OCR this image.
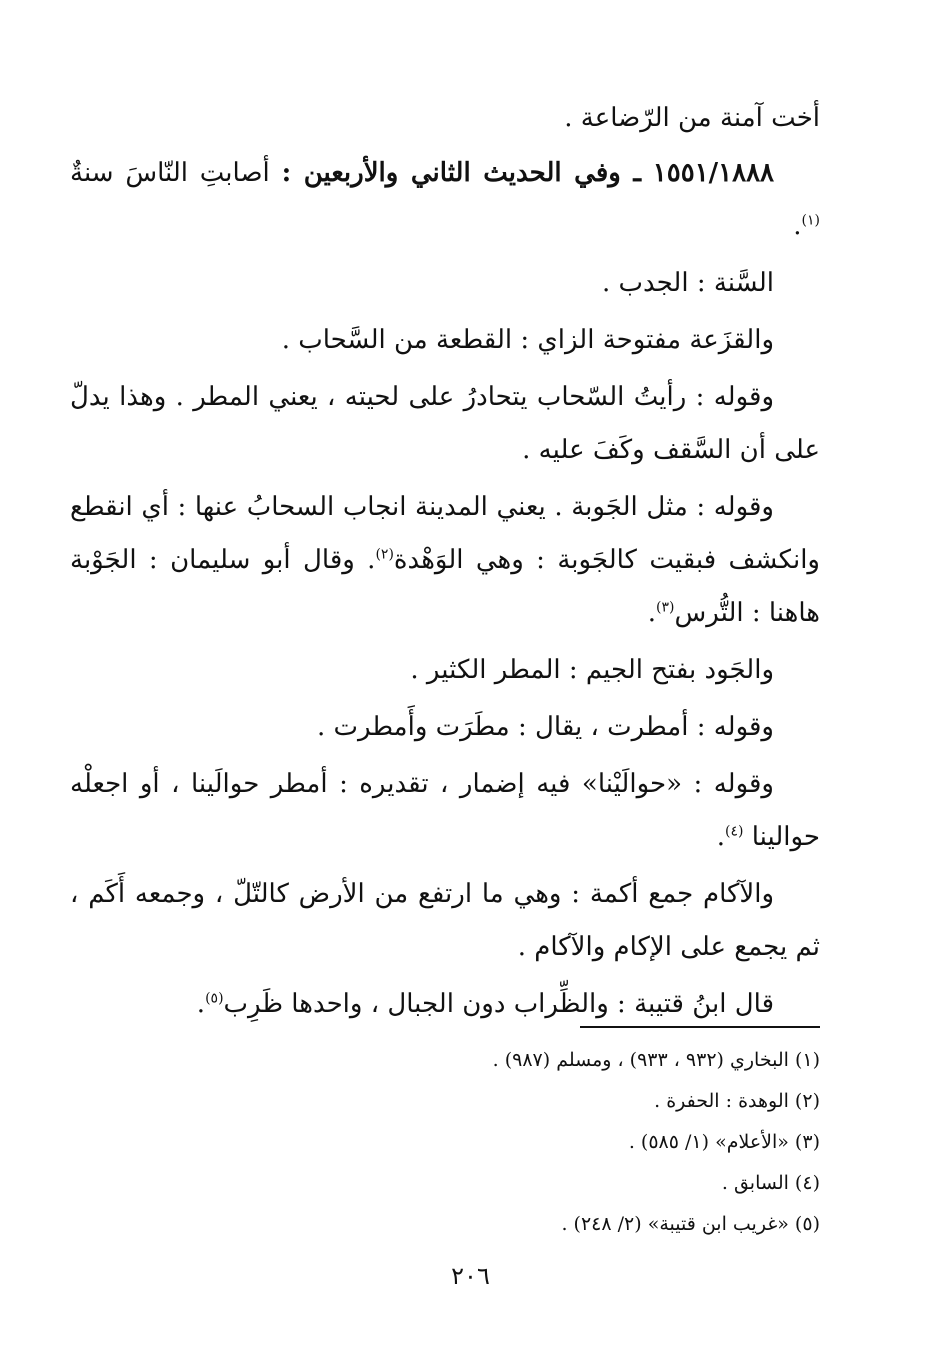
أخت آمنة من الرّضاعة .

١٥٥١/١٨٨٨ ـ وفي الحديث الثاني والأربعين : أصابتِ النّاسَ سنةٌ $^{(١)}$.

السَّنة : الجدب .

والقزَعة مفتوحة الزاي : القطعة من السَّحاب .

وقوله : رأيتُ السّحاب يتحادرُ على لحيته ، يعني المطر . وهذا يدلّ على أن السَّقف وكَفَ عليه .

وقوله : مثل الجَوبة . يعني المدينة انجاب السحابُ عنها : أي انقطع وانكشف فبقيت كالجَوبة : وهي الوَهْدة$^{(٢)}$. وقال أبو سليمان : الجَوْبة هاهنا : التُّرس$^{(٣)}$.

والجَود بفتح الجيم : المطر الكثير .

وقوله : أمطرت ، يقال : مطَرَت وأَمطرت .

وقوله : «حوالَيْنا» فيه إضمار ، تقديره : أمطر حوالَينا ، أو اجعلْه حوالينا $^{(٤)}$.

والآكام جمع أكمة : وهي ما ارتفع من الأرض كالتّلّ ، وجمعه أَكَم ، ثم يجمع على الإكام والآكام .

قال ابنُ قتيبة : والظِّراب دون الجبال ، واحدها ظَرِب$^{(٥)}$.

(١) البخاري (٩٣٢ ، ٩٣٣) ، ومسلم (٩٨٧) .

(٢) الوهدة : الحفرة .

(٣) «الأعلام» (١/ ٥٨٥) .

(٤) السابق .

(٥) «غريب ابن قتيبة» (٢/ ٢٤٨) .

٢٠٦
